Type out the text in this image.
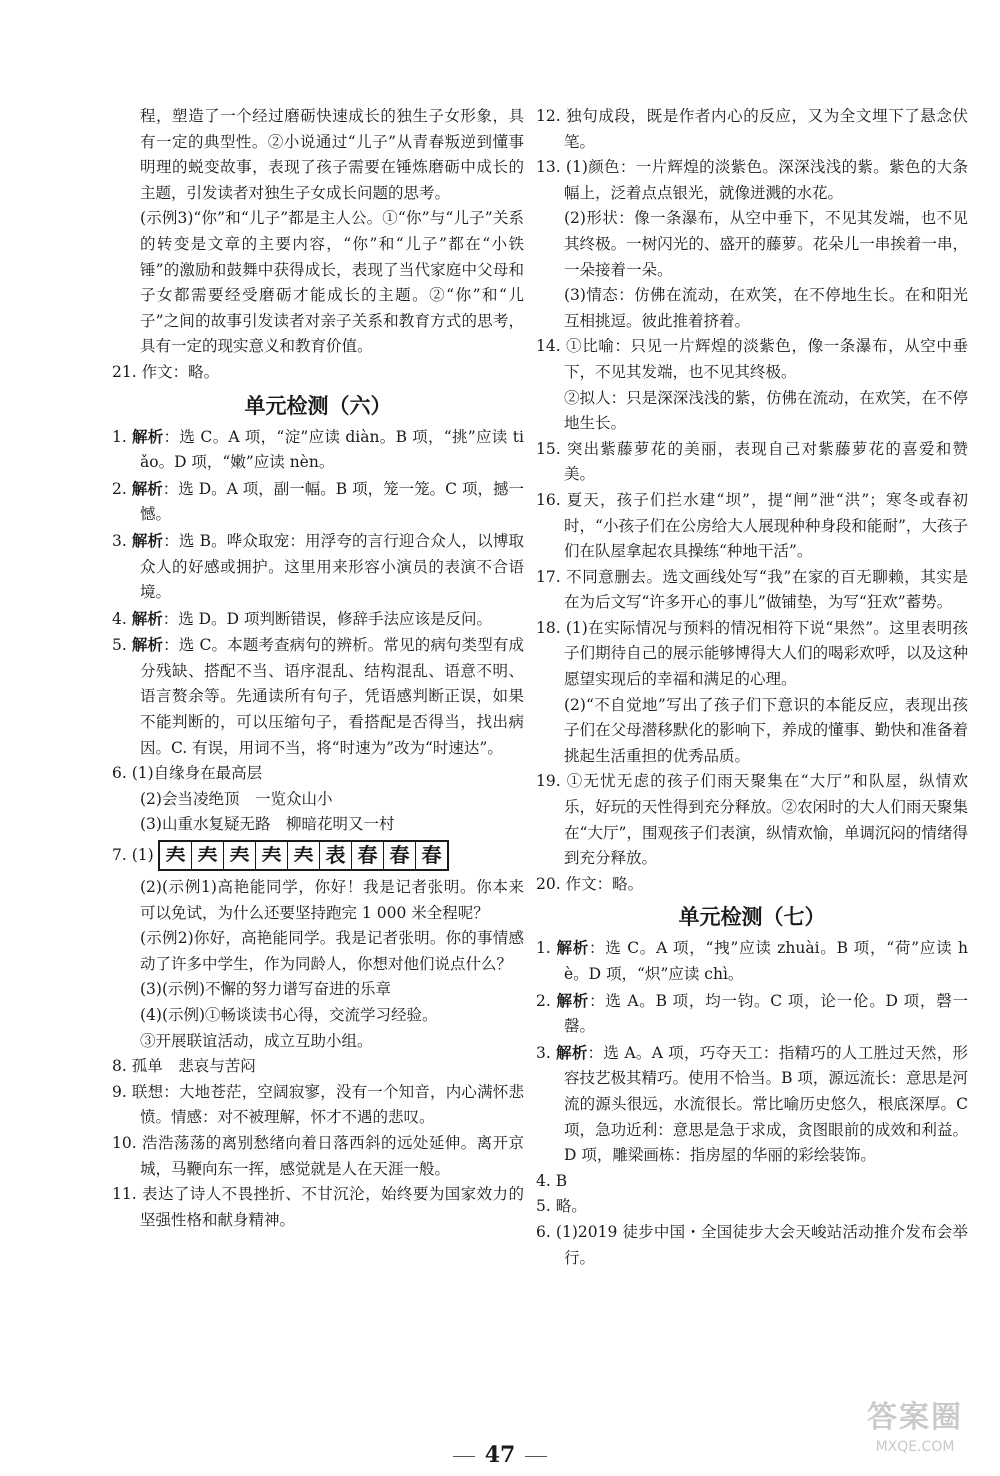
程，塑造了一个经过磨砺快速成长的独生子女形象，具有一定的典型性。②小说通过“儿子”从青春叛逆到懂事明理的蜕变故事，表现了孩子需要在锤炼磨砺中成长的主题，引发读者对独生子女成长问题的思考。

(示例3)“你”和“儿子”都是主人公。①“你”与“儿子”关系的转变是文章的主要内容，“你”和“儿子”都在“小铁锤”的激励和鼓舞中获得成长，表现了当代家庭中父母和子女都需要经受磨砺才能成长的主题。②“你”和“儿子”之间的故事引发读者对亲子关系和教育方式的思考，具有一定的现实意义和教育价值。

21. 作文：略。

单元检测（六）

1. 解析：选 C。A 项，“淀”应读 diàn。B 项，“挑”应读 tiǎo。D 项，“嫩”应读 nèn。

2. 解析：选 D。A 项，副一幅。B 项，笼一笼。C 项，撼一憾。

3. 解析：选 B。哗众取宠：用浮夸的言行迎合众人，以博取众人的好感或拥护。这里用来形容小演员的表演不合语境。

4. 解析：选 D。D 项判断错误，修辞手法应该是反问。

5. 解析：选 C。本题考查病句的辨析。常见的病句类型有成分残缺、搭配不当、语序混乱、结构混乱、语意不明、语言赘余等。先通读所有句子，凭语感判断正误，如果不能判断的，可以压缩句子，看搭配是否得当，找出病因。C. 有误，用词不当，将“时速为”改为“时速达”。

6. (1)自缘身在最高层

(2)会当凌绝顶　一览众山小

(3)山重水复疑无路　柳暗花明又一村

7. (1) 𡗗 𡗗 𡗗 𡗗 𡗗 表 春 春 春

(2)(示例1)高艳能同学，你好！我是记者张明。你本来可以免试，为什么还要坚持跑完 1 000 米全程呢？

(示例2)你好，高艳能同学。我是记者张明。你的事情感动了许多中学生，作为同龄人，你想对他们说点什么？

(3)(示例)不懈的努力谱写奋进的乐章

(4)(示例)①畅谈读书心得，交流学习经验。

③开展联谊活动，成立互助小组。

8. 孤单　悲哀与苦闷

9. 联想：大地苍茫，空阔寂寥，没有一个知音，内心满怀悲愤。情感：对不被理解，怀才不遇的悲叹。

10. 浩浩荡荡的离别愁绪向着日落西斜的远处延伸。离开京城，马鞭向东一挥，感觉就是人在天涯一般。

11. 表达了诗人不畏挫折、不甘沉沦，始终要为国家效力的坚强性格和献身精神。

12. 独句成段，既是作者内心的反应，又为全文埋下了悬念伏笔。

13. (1)颜色：一片辉煌的淡紫色。深深浅浅的紫。紫色的大条幅上，泛着点点银光，就像迸溅的水花。

(2)形状：像一条瀑布，从空中垂下，不见其发端，也不见其终极。一树闪光的、盛开的藤萝。花朵儿一串挨着一串，一朵接着一朵。

(3)情态：仿佛在流动，在欢笑，在不停地生长。在和阳光互相挑逗。彼此推着挤着。

14. ①比喻：只见一片辉煌的淡紫色，像一条瀑布，从空中垂下，不见其发端，也不见其终极。

②拟人：只是深深浅浅的紫，仿佛在流动，在欢笑，在不停地生长。

15. 突出紫藤萝花的美丽，表现自己对紫藤萝花的喜爱和赞美。

16. 夏天，孩子们拦水建“坝”，提“闸”泄“洪”；寒冬或春初时，“小孩子们在公房给大人展现种种身段和能耐”，大孩子们在队屋拿起农具操练“种地干活”。

17. 不同意删去。选文画线处写“我”在家的百无聊赖，其实是在为后文写“许多开心的事儿”做铺垫，为写“狂欢”蓄势。

18. (1)在实际情况与预料的情况相符下说“果然”。这里表明孩子们期待自己的展示能够博得大人们的喝彩欢呼，以及这种愿望实现后的幸福和满足的心理。

(2)“不自觉地”写出了孩子们下意识的本能反应，表现出孩子们在父母潜移默化的影响下，养成的懂事、勤快和准备着挑起生活重担的优秀品质。

19. ①无忧无虑的孩子们雨天聚集在“大厅”和队屋，纵情欢乐，好玩的天性得到充分释放。②农闲时的大人们雨天聚集在“大厅”，围观孩子们表演，纵情欢愉，单调沉闷的情绪得到充分释放。

20. 作文：略。

单元检测（七）

1. 解析：选 C。A 项，“拽”应读 zhuài。B 项，“荷”应读 hè。D 项，“炽”应读 chì。

2. 解析：选 A。B 项，均一钧。C 项，论一伦。D 项，磬一罄。

3. 解析：选 A。A 项，巧夺天工：指精巧的人工胜过天然，形容技艺极其精巧。使用不恰当。B 项，源远流长：意思是河流的源头很远，水流很长。常比喻历史悠久，根底深厚。C 项，急功近利：意思是急于求成，贪图眼前的成效和利益。D 项，雕梁画栋：指房屋的华丽的彩绘装饰。

4. B

5. 略。

6. (1)2019 徒步中国・全国徒步大会天峻站活动推介发布会举行。

47
答案圈
MXQE.COM
